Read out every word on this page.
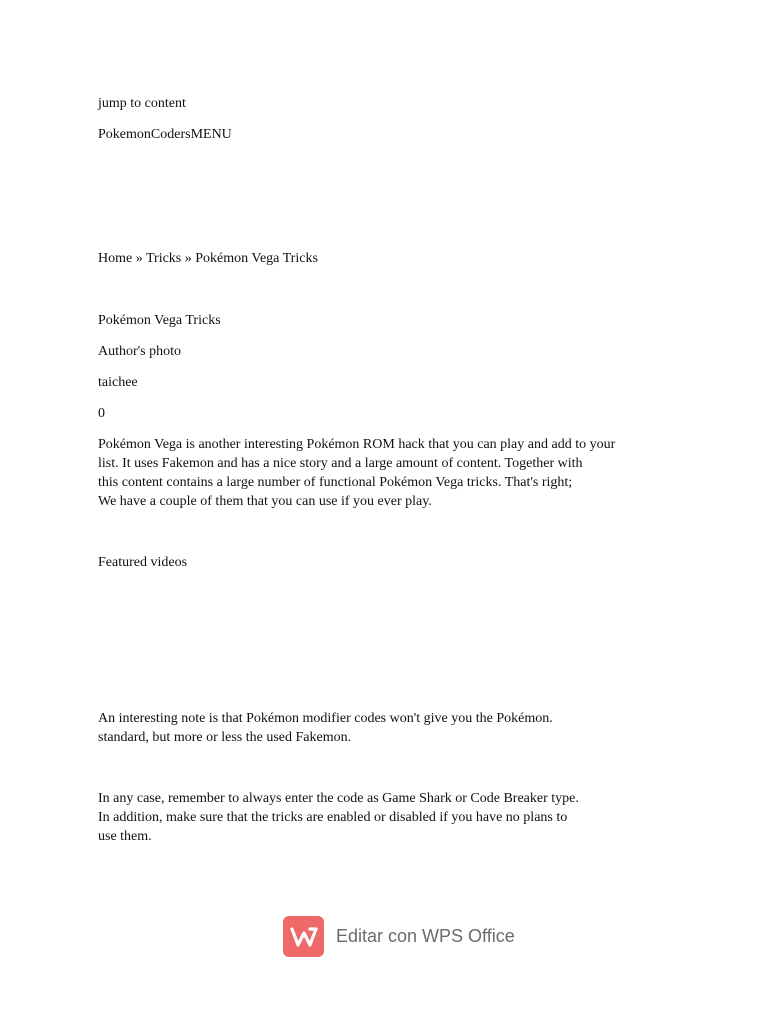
jump to content
PokemonCodersMENU
Home » Tricks » Pokémon Vega Tricks
Pokémon Vega Tricks
Author's photo
taichee
0
Pokémon Vega is another interesting Pokémon ROM hack that you can play and add to your
list. It uses Fakemon and has a nice story and a large amount of content. Together with
this content contains a large number of functional Pokémon Vega tricks. That's right;
We have a couple of them that you can use if you ever play.
Featured videos
An interesting note is that Pokémon modifier codes won't give you the Pokémon.
standard, but more or less the used Fakemon.
In any case, remember to always enter the code as Game Shark or Code Breaker type.
In addition, make sure that the tricks are enabled or disabled if you have no plans to
use them.
Editar con WPS Office
